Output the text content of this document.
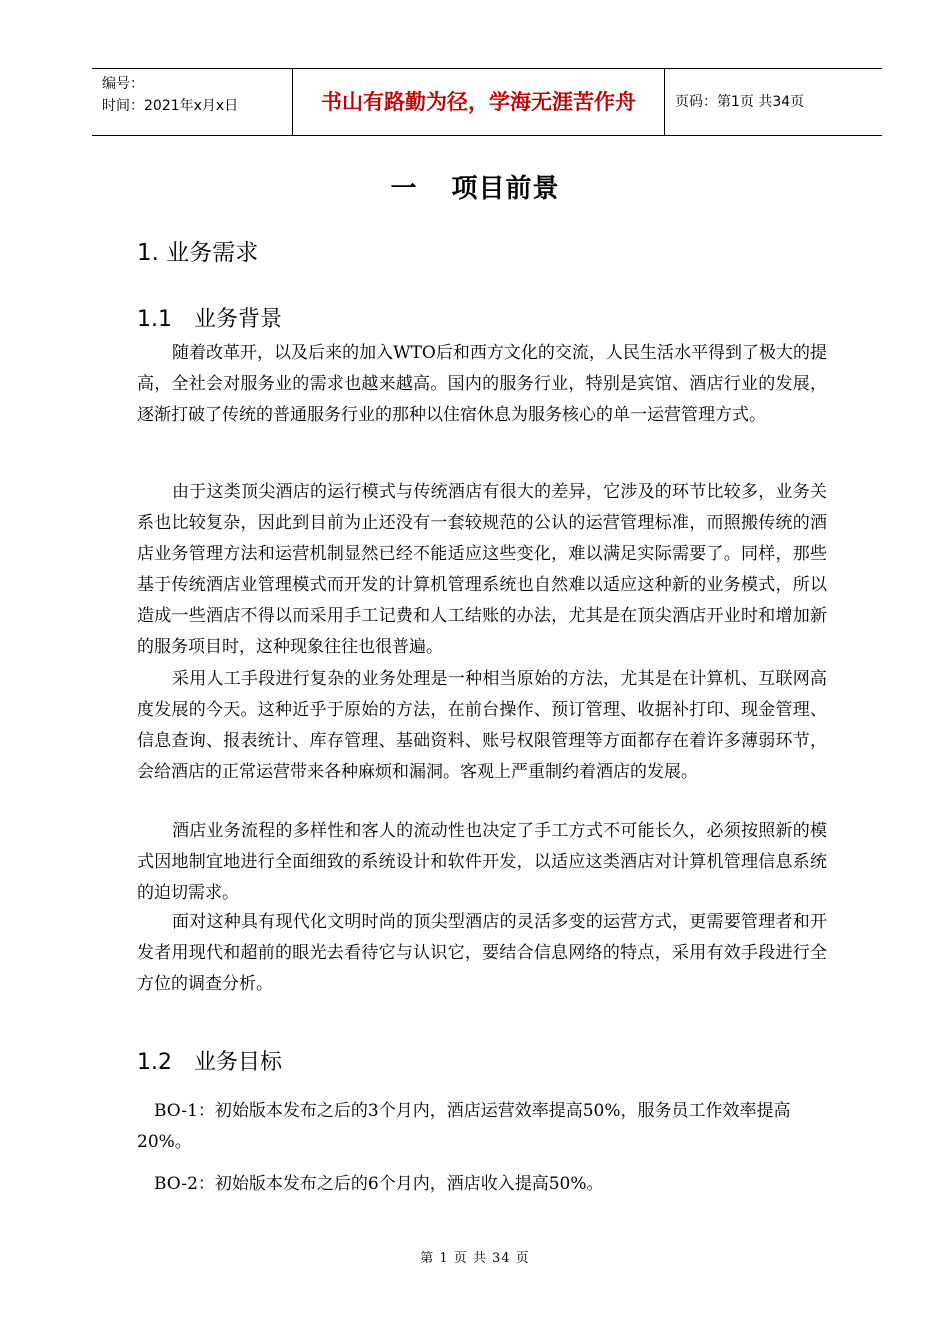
编号：
时间：2021年x月x日	书山有路勤为径，学海无涯苦作舟	页码：第1页 共34页
一 项目前景
1. 业务需求
1.1 业务背景

随着改革开，以及后来的加入WTO后和西方文化的交流，人民生活水平得到了极大的提高，全社会对服务业的需求也越来越高。国内的服务行业，特别是宾馆、酒店行业的发展，逐渐打破了传统的普通服务行业的那种以住宿休息为服务核心的单一运营管理方式。

由于这类顶尖酒店的运行模式与传统酒店有很大的差异，它涉及的环节比较多，业务关系也比较复杂，因此到目前为止还没有一套较规范的公认的运营管理标准，而照搬传统的酒店业务管理方法和运营机制显然已经不能适应这些变化，难以满足实际需要了。同样，那些基于传统酒店业管理模式而开发的计算机管理系统也自然难以适应这种新的业务模式，所以造成一些酒店不得以而采用手工记费和人工结账的办法，尤其是在顶尖酒店开业时和增加新的服务项目时，这种现象往往也很普遍。

采用人工手段进行复杂的业务处理是一种相当原始的方法，尤其是在计算机、互联网高度发展的今天。这种近乎于原始的方法，在前台操作、预订管理、收据补打印、现金管理、信息查询、报表统计、库存管理、基础资料、账号权限管理等方面都存在着许多薄弱环节，会给酒店的正常运营带来各种麻烦和漏洞。客观上严重制约着酒店的发展。

酒店业务流程的多样性和客人的流动性也决定了手工方式不可能长久，必须按照新的模式因地制宜地进行全面细致的系统设计和软件开发，以适应这类酒店对计算机管理信息系统的迫切需求。

面对这种具有现代化文明时尚的顶尖型酒店的灵活多变的运营方式，更需要管理者和开发者用现代和超前的眼光去看待它与认识它，要结合信息网络的特点，采用有效手段进行全方位的调查分析。

1.2 业务目标

BO-1：初始版本发布之后的3个月内，酒店运营效率提高50%，服务员工作效率提高20%。

BO-2：初始版本发布之后的6个月内，酒店收入提高50%。

第 1 页 共 34 页
